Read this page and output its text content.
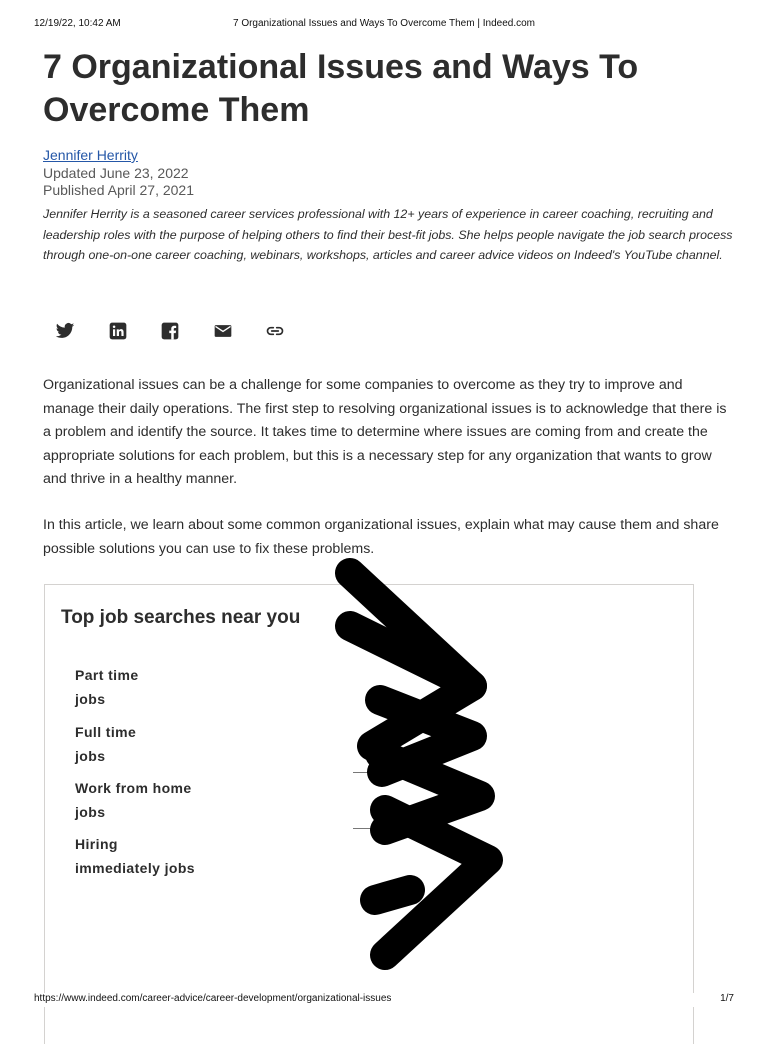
12/19/22, 10:42 AM	7 Organizational Issues and Ways To Overcome Them | Indeed.com
7 Organizational Issues and Ways To Overcome Them
Jennifer Herrity
Updated June 23, 2022
Published April 27, 2021

Jennifer Herrity is a seasoned career services professional with 12+ years of experience in career coaching, recruiting and leadership roles with the purpose of helping others to find their best-fit jobs. She helps people navigate the job search process through one-on-one career coaching, webinars, workshops, articles and career advice videos on Indeed's YouTube channel.

Organizational issues can be a challenge for some companies to overcome as they try to improve and manage their daily operations. The first step to resolving organizational issues is to acknowledge that there is a problem and identify the source. It takes time to determine where issues are coming from and create the appropriate solutions for each problem, but this is a necessary step for any organization that wants to grow and thrive in a healthy manner.

In this article, we learn about some common organizational issues, explain what may cause them and share possible solutions you can use to fix these problems.

Top job searches near you
Part time
jobs
Full time
jobs
Work from home
jobs
Hiring
immediately jobs
https://www.indeed.com/career-advice/career-development/organizational-issues	1/7
